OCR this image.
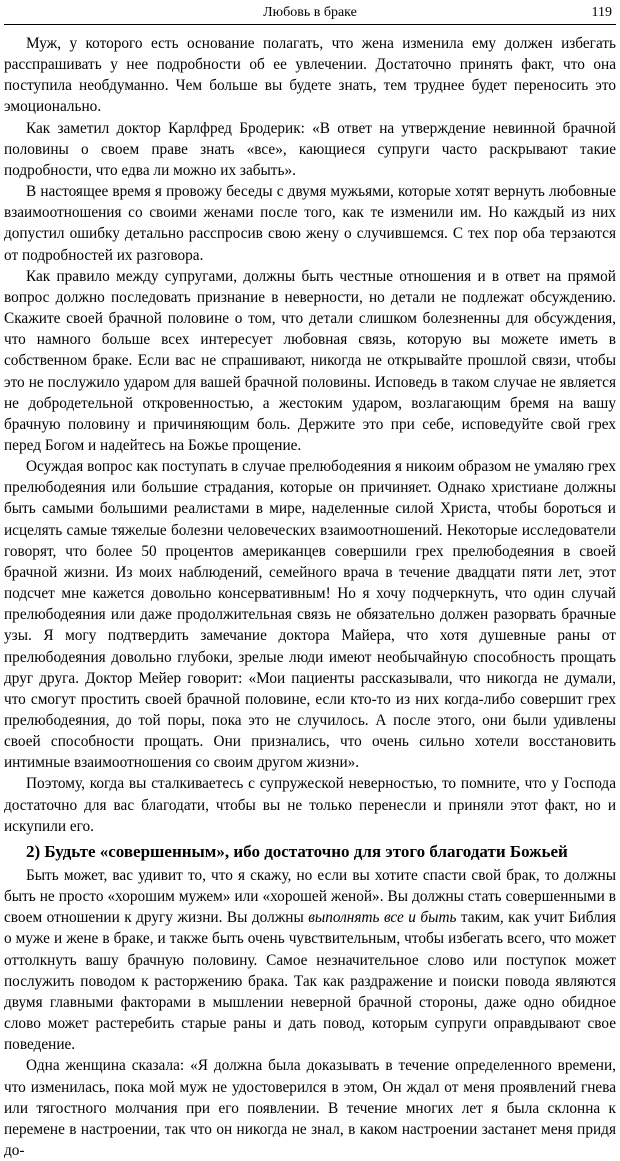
Любовь в браке	119

Муж, у которого есть основание полагать, что жена изменила ему должен избегать расспрашивать у нее подробности об ее увлечении. Достаточно принять факт, что она поступила необдуманно. Чем больше вы будете знать, тем труднее будет переносить это эмоционально.

Как заметил доктор Карлфред Бродерик: «В ответ на утверждение невинной брачной половины о своем праве знать «все», кающиеся супруги часто раскрывают такие подробности, что едва ли можно их забыть».

В настоящее время я провожу беседы с двумя мужьями, которые хотят вернуть любовные взаимоотношения со своими женами после того, как те изменили им. Но каждый из них допустил ошибку детально расспросив свою жену о случившемся. С тех пор оба терзаются от подробностей их разговора.

Как правило между супругами, должны быть честные отношения и в ответ на прямой вопрос должно последовать признание в неверности, но детали не подлежат обсуждению. Скажите своей брачной половине о том, что детали слишком болезненны для обсуждения, что намного больше всех интересует любовная связь, которую вы можете иметь в собственном браке. Если вас не спрашивают, никогда не открывайте прошлой связи, чтобы это не послужило ударом для вашей брачной половины. Исповедь в таком случае не является не добродетельной откровенностью, а жестоким ударом, возлагающим бремя на вашу брачную половину и причиняющим боль. Держите это при себе, исповедуйте свой грех перед Богом и надейтесь на Божье прощение.

Осуждая вопрос как поступать в случае прелюбодеяния я никоим образом не умаляю грех прелюбодеяния или большие страдания, которые он причиняет. Однако христиане должны быть самыми большими реалистами в мире, наделенные силой Христа, чтобы бороться и исцелять самые тяжелые болезни человеческих взаимоотношений. Некоторые исследователи говорят, что более 50 процентов американцев совершили грех прелюбодеяния в своей брачной жизни. Из моих наблюдений, семейного врача в течение двадцати пяти лет, этот подсчет мне кажется довольно консервативным! Но я хочу подчеркнуть, что один случай прелюбодеяния или даже продолжительная связь не обязательно должен разорвать брачные узы. Я могу подтвердить замечание доктора Майера, что хотя душевные раны от прелюбодеяния довольно глубоки, зрелые люди имеют необычайную способность прощать друг друга. Доктор Мейер говорит: «Мои пациенты рассказывали, что никогда не думали, что смогут простить своей брачной половине, если кто-то из них когда-либо совершит грех прелюбодеяния, до той поры, пока это не случилось. А после этого, они были удивлены своей способности прощать. Они признались, что очень сильно хотели восстановить интимные взаимоотношения со своим другом жизни».

Поэтому, когда вы сталкиваетесь с супружеской неверностью, то помните, что у Господа достаточно для вас благодати, чтобы вы не только перенесли и приняли этот факт, но и искупили его.

2) Будьте «совершенным», ибо достаточно для этого благодати Божьей

Быть может, вас удивит то, что я скажу, но если вы хотите спасти свой брак, то должны быть не просто «хорошим мужем» или «хорошей женой». Вы должны стать совершенными в своем отношении к другу жизни. Вы должны выполнять все и быть таким, как учит Библия о муже и жене в браке, и также быть очень чувствительным, чтобы избегать всего, что может оттолкнуть вашу брачную половину. Самое незначительное слово или поступок может послужить поводом к расторжению брака. Так как раздражение и поиски повода являются двумя главными факторами в мышлении неверной брачной стороны, даже одно обидное слово может растеребить старые раны и дать повод, которым супруги оправдывают свое поведение.

Одна женщина сказала: «Я должна была доказывать в течение определенного времени, что изменилась, пока мой муж не удостоверился в этом, Он ждал от меня проявлений гнева или тягостного молчания при его появлении. В течение многих лет я была склонна к перемене в настроении, так что он никогда не знал, в каком настроении застанет меня придя до-
